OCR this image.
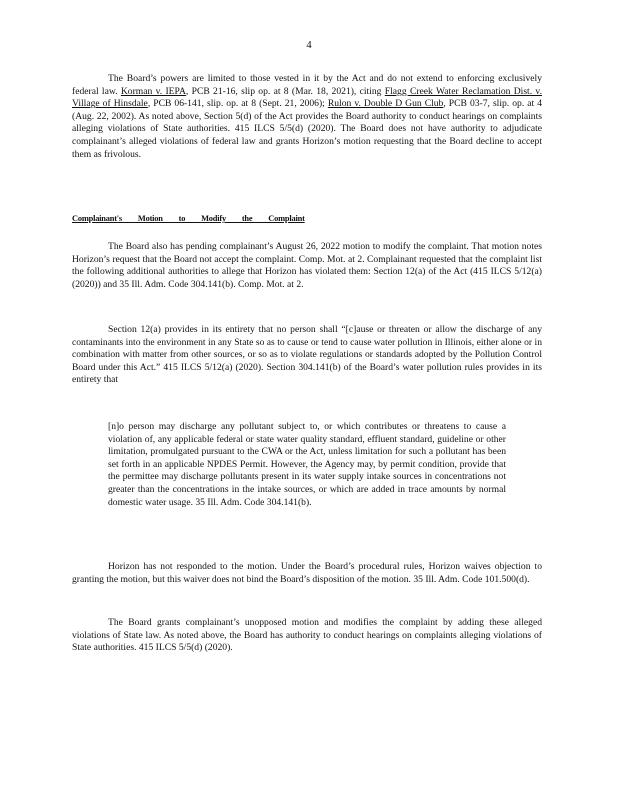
4

The Board’s powers are limited to those vested in it by the Act and do not extend to enforcing exclusively federal law. Korman v. IEPA, PCB 21-16, slip op. at 8 (Mar. 18, 2021), citing Flagg Creek Water Reclamation Dist. v. Village of Hinsdale, PCB 06-141, slip. op. at 8 (Sept. 21, 2006); Rulon v. Double D Gun Club, PCB 03-7, slip. op. at 4 (Aug. 22, 2002). As noted above, Section 5(d) of the Act provides the Board authority to conduct hearings on complaints alleging violations of State authorities. 415 ILCS 5/5(d) (2020). The Board does not have authority to adjudicate complainant’s alleged violations of federal law and grants Horizon’s motion requesting that the Board decline to accept them as frivolous.

Complainant's Motion to Modify the Complaint

The Board also has pending complainant’s August 26, 2022 motion to modify the complaint. That motion notes Horizon’s request that the Board not accept the complaint. Comp. Mot. at 2. Complainant requested that the complaint list the following additional authorities to allege that Horizon has violated them: Section 12(a) of the Act (415 ILCS 5/12(a) (2020)) and 35 Ill. Adm. Code 304.141(b). Comp. Mot. at 2.

Section 12(a) provides in its entirety that no person shall “[c]ause or threaten or allow the discharge of any contaminants into the environment in any State so as to cause or tend to cause water pollution in Illinois, either alone or in combination with matter from other sources, or so as to violate regulations or standards adopted by the Pollution Control Board under this Act.” 415 ILCS 5/12(a) (2020). Section 304.141(b) of the Board’s water pollution rules provides in its entirety that

[n]o person may discharge any pollutant subject to, or which contributes or threatens to cause a violation of, any applicable federal or state water quality standard, effluent standard, guideline or other limitation, promulgated pursuant to the CWA or the Act, unless limitation for such a pollutant has been set forth in an applicable NPDES Permit. However, the Agency may, by permit condition, provide that the permittee may discharge pollutants present in its water supply intake sources in concentrations not greater than the concentrations in the intake sources, or which are added in trace amounts by normal domestic water usage. 35 Ill. Adm. Code 304.141(b).

Horizon has not responded to the motion. Under the Board’s procedural rules, Horizon waives objection to granting the motion, but this waiver does not bind the Board’s disposition of the motion. 35 Ill. Adm. Code 101.500(d).

The Board grants complainant’s unopposed motion and modifies the complaint by adding these alleged violations of State law. As noted above, the Board has authority to conduct hearings on complaints alleging violations of State authorities. 415 ILCS 5/5(d) (2020).
